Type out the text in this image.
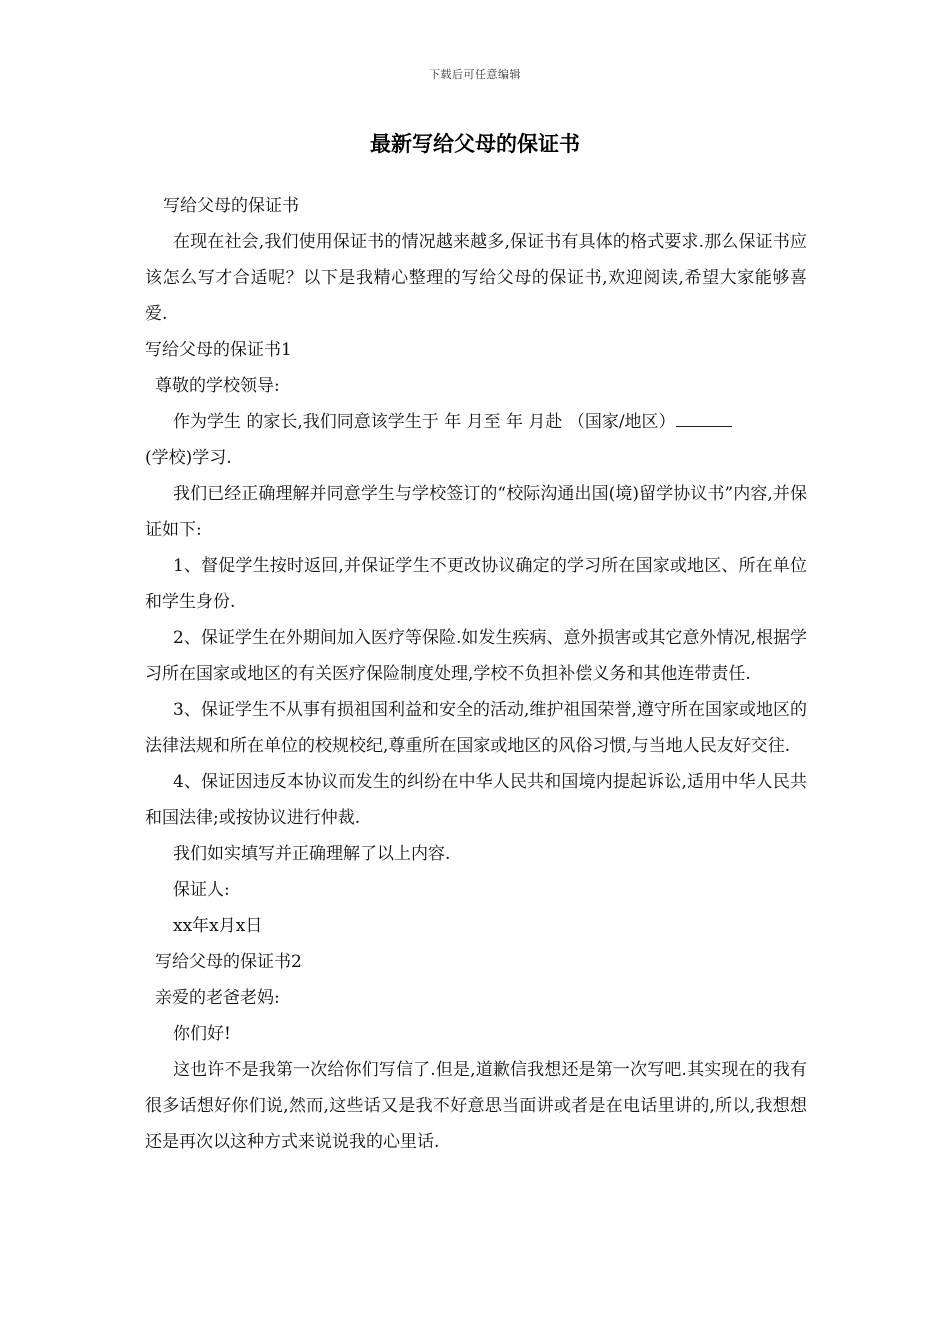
下载后可任意编辑
最新写给父母的保证书

写给父母的保证书

在现在社会,我们使用保证书的情况越来越多,保证书有具体的格式要求.那么保证书应该怎么写才合适呢？以下是我精心整理的写给父母的保证书,欢迎阅读,希望大家能够喜爱.

写给父母的保证书1

尊敬的学校领导:

作为学生 的家长,我们同意该学生于 年 月至 年 月赴 （国家/地区）

(学校)学习.

我们已经正确理解并同意学生与学校签订的“校际沟通出国(境)留学协议书”内容,并保证如下:

1、督促学生按时返回,并保证学生不更改协议确定的学习所在国家或地区、所在单位和学生身份.

2、保证学生在外期间加入医疗等保险.如发生疾病、意外损害或其它意外情况,根据学习所在国家或地区的有关医疗保险制度处理,学校不负担补偿义务和其他连带责任.

3、保证学生不从事有损祖国利益和安全的活动,维护祖国荣誉,遵守所在国家或地区的法律法规和所在单位的校规校纪,尊重所在国家或地区的风俗习惯,与当地人民友好交往.

4、保证因违反本协议而发生的纠纷在中华人民共和国境内提起诉讼,适用中华人民共和国法律;或按协议进行仲裁.

我们如实填写并正确理解了以上内容.

保证人:

xx年x月x日

写给父母的保证书2

亲爱的老爸老妈:

你们好!

这也许不是我第一次给你们写信了.但是,道歉信我想还是第一次写吧.其实现在的我有很多话想好你们说,然而,这些话又是我不好意思当面讲或者是在电话里讲的,所以,我想想还是再次以这种方式来说说我的心里话.
